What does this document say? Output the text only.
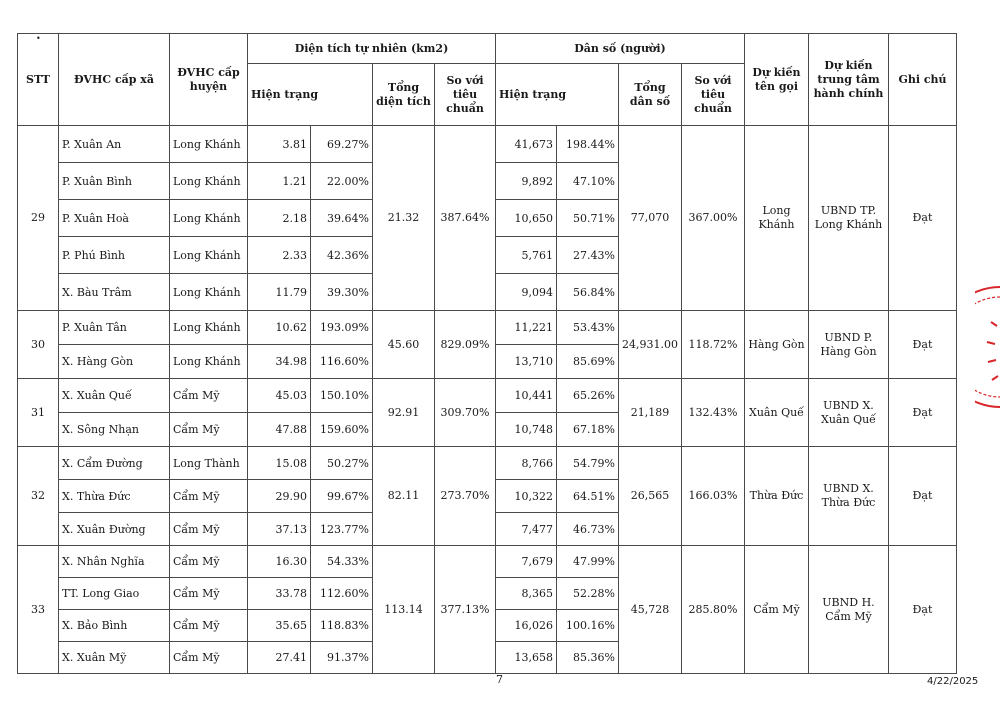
•
STT	ĐVHC cấp xã	ĐVHC cấp huyện	Diện tích tự nhiên (km2)				Dân số (người)				Dự kiến tên gọi	Dự kiến trung tâm hành chính	Ghi chú
			Hiện trạng		Tổng diện tích	So với tiêu chuẩn	Hiện trạng		Tổng dân số	So với tiêu chuẩn			
29	P. Xuân An	Long Khánh	3.81	69.27%	21.32	387.64%	41,673	198.44%	77,070	367.00%	Long Khánh	UBND TP. Long Khánh	Đạt
	P. Xuân Bình	Long Khánh	1.21	22.00%			9,892	47.10%					
	P. Xuân Hoà	Long Khánh	2.18	39.64%			10,650	50.71%					
	P. Phú Bình	Long Khánh	2.33	42.36%			5,761	27.43%					
	X. Bàu Trâm	Long Khánh	11.79	39.30%			9,094	56.84%					
30	P. Xuân Tân	Long Khánh	10.62	193.09%	45.60	829.09%	11,221	53.43%	24,931.00	118.72%	Hàng Gòn	UBND P. Hàng Gòn	Đạt
	X. Hàng Gòn	Long Khánh	34.98	116.60%			13,710	85.69%					
31	X. Xuân Quế	Cẩm Mỹ	45.03	150.10%	92.91	309.70%	10,441	65.26%	21,189	132.43%	Xuân Quế	UBND X. Xuân Quế	Đạt
	X. Sông Nhạn	Cẩm Mỹ	47.88	159.60%			10,748	67.18%					
32	X. Cẩm Đường	Long Thành	15.08	50.27%	82.11	273.70%	8,766	54.79%	26,565	166.03%	Thừa Đức	UBND X. Thừa Đức	Đạt
	X. Thừa Đức	Cẩm Mỹ	29.90	99.67%			10,322	64.51%					
	X. Xuân Đường	Cẩm Mỹ	37.13	123.77%			7,477	46.73%					
33	X. Nhân Nghĩa	Cẩm Mỹ	16.30	54.33%	113.14	377.13%	7,679	47.99%	45,728	285.80%	Cẩm Mỹ	UBND H. Cẩm Mỹ	Đạt
	TT. Long Giao	Cẩm Mỹ	33.78	112.60%			8,365	52.28%					
	X. Bảo Bình	Cẩm Mỹ	35.65	118.83%			16,026	100.16%					
	X. Xuân Mỹ	Cẩm Mỹ	27.41	91.37%			13,658	85.36%					
7	4/22/2025
